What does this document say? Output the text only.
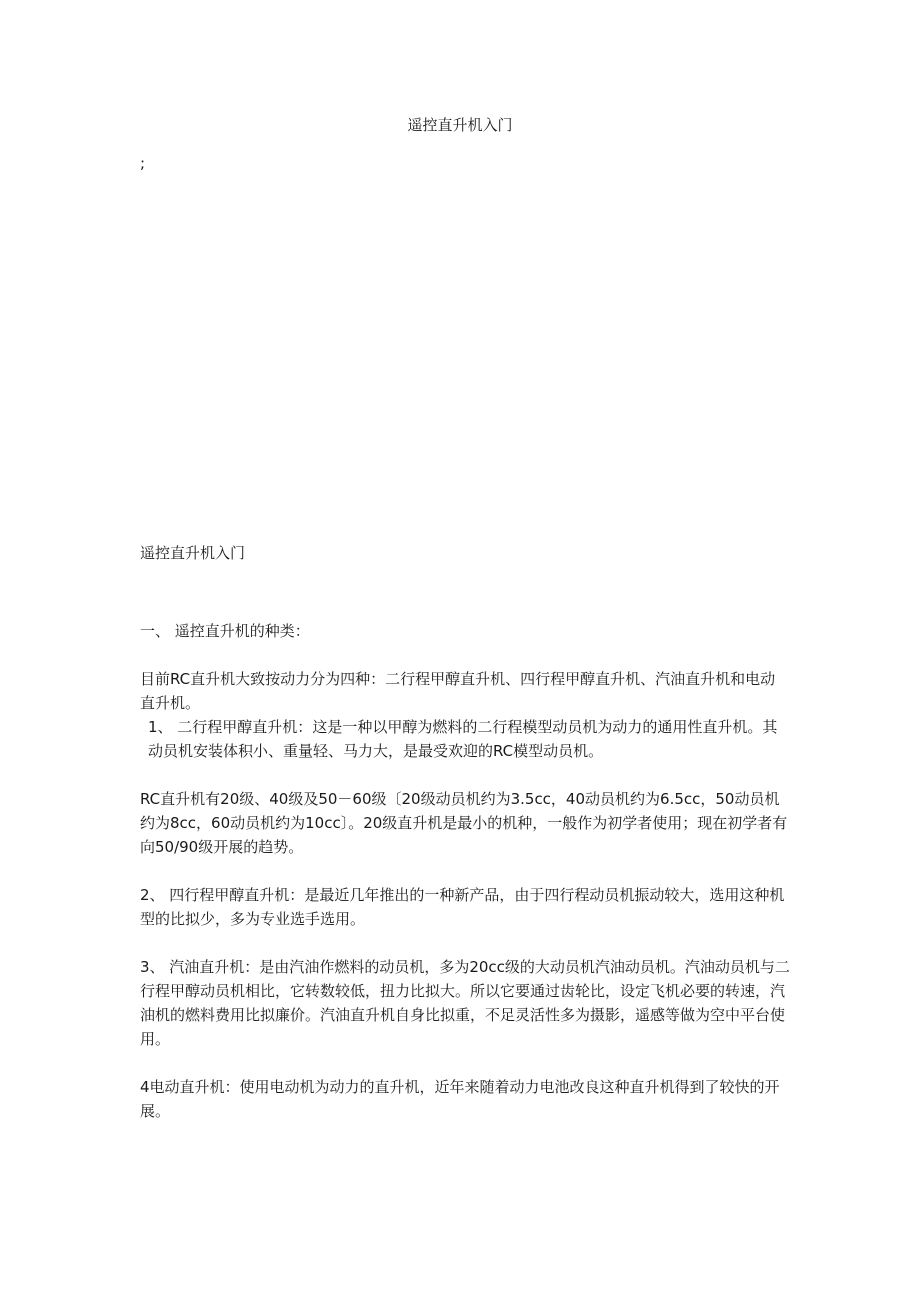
遥控直升机入门
;

遥控直升机入门

一、 遥控直升机的种类：

目前RC直升机大致按动力分为四种：二行程甲醇直升机、四行程甲醇直升机、汽油直升机和电动直升机。

1、 二行程甲醇直升机：这是一种以甲醇为燃料的二行程模型动员机为动力的通用性直升机。其动员机安装体积小、重量轻、马力大，是最受欢迎的RC模型动员机。

RC直升机有20级、40级及50－60级〔20级动员机约为3.5cc，40动员机约为6.5cc，50动员机约为8cc，60动员机约为10cc〕。20级直升机是最小的机种，一般作为初学者使用；现在初学者有向50/90级开展的趋势。

2、 四行程甲醇直升机：是最近几年推出的一种新产品，由于四行程动员机振动较大，选用这种机型的比拟少，多为专业选手选用。

3、 汽油直升机：是由汽油作燃料的动员机，多为20cc级的大动员机汽油动员机。汽油动员机与二行程甲醇动员机相比，它转数较低，扭力比拟大。所以它要通过齿轮比，设定飞机必要的转速，汽油机的燃料费用比拟廉价。汽油直升机自身比拟重，不足灵活性多为摄影，遥感等做为空中平台使用。

4电动直升机：使用电动机为动力的直升机，近年来随着动力电池改良这种直升机得到了较快的开展。
